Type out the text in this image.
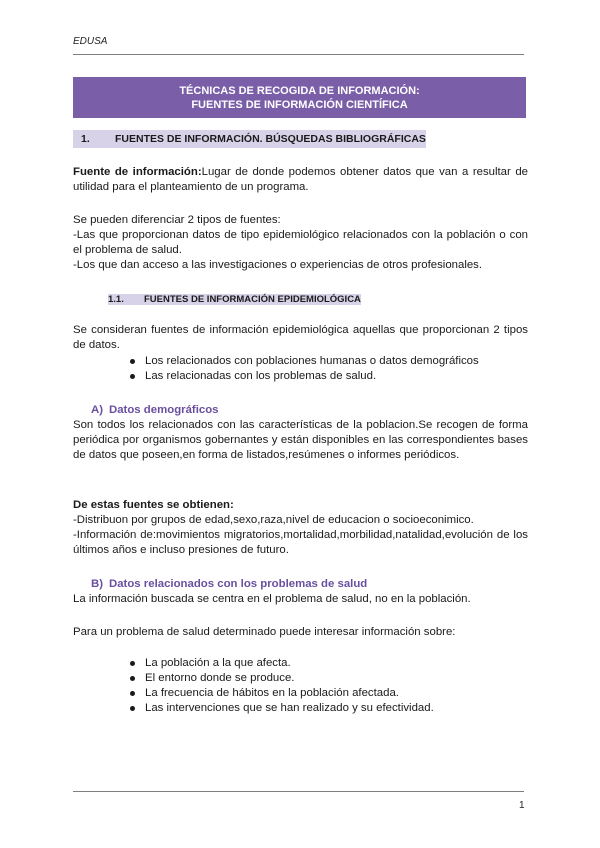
EDUSA
TÉCNICAS DE RECOGIDA DE INFORMACIÓN:
FUENTES DE INFORMACIÓN CIENTÍFICA
1. FUENTES DE INFORMACIÓN. BÚSQUEDAS BIBLIOGRÁFICAS
Fuente de información:Lugar de donde podemos obtener datos que van a resultar de utilidad para el planteamiento de un programa.
Se pueden diferenciar 2 tipos de fuentes:
-Las que proporcionan datos de tipo epidemiológico relacionados con la población o con el problema de salud.
-Los que dan acceso a las investigaciones o experiencias de otros profesionales.
1.1. FUENTES DE INFORMACIÓN EPIDEMIOLÓGICA
Se consideran fuentes de información epidemiológica aquellas que proporcionan 2 tipos de datos.
Los relacionados con poblaciones humanas o datos demográficos
Las relacionadas con los problemas de salud.
A) Datos demográficos
Son todos los relacionados con las características de la poblacion.Se recogen de forma periódica por organismos gobernantes y están disponibles en las correspondientes bases de datos que poseen,en forma de listados,resúmenes o informes periódicos.
De estas fuentes se obtienen:
-Distribuon por grupos de edad,sexo,raza,nivel de educacion o socioeconimico.
-Información de:movimientos migratorios,mortalidad,morbilidad,natalidad,evolución de los últimos años e incluso presiones de futuro.
B) Datos relacionados con los problemas de salud
La información buscada se centra en el problema de salud, no en la población.
Para un problema de salud determinado puede interesar información sobre:
La población a la que afecta.
El entorno donde se produce.
La frecuencia de hábitos en la población afectada.
Las intervenciones que se han realizado y su efectividad.
1
